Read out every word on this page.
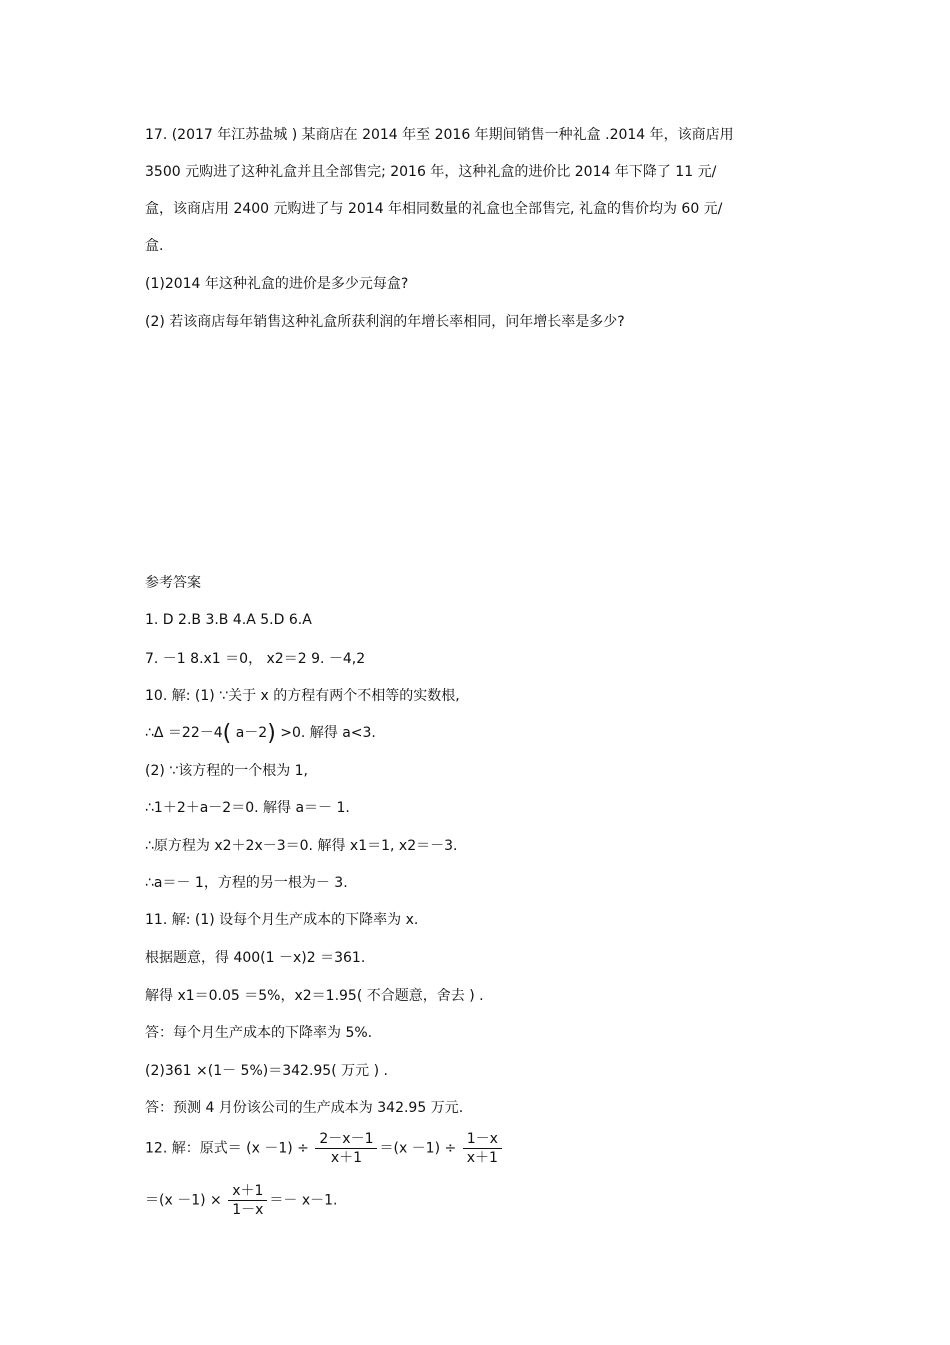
17. (2017 年江苏盐城 ) 某商店在 2014 年至 2016 年期间销售一种礼盒 .2014 年，该商店用
3500 元购进了这种礼盒并且全部售完; 2016 年，这种礼盒的进价比 2014 年下降了 11 元/
盒，该商店用 2400 元购进了与 2014 年相同数量的礼盒也全部售完, 礼盒的售价均为 60 元/
盒.
(1)2014 年这种礼盒的进价是多少元每盒?
(2) 若该商店每年销售这种礼盒所获利润的年增长率相同，问年增长率是多少?
参考答案
1. D 2.B 3.B 4.A 5.D 6.A
7. －1 8.x1 ＝0， x2＝2 9. －4,2
10. 解: (1) ∵关于 x 的方程有两个不相等的实数根,
∴Δ ＝22－4( a－2) >0. 解得 a<3.
(2) ∵该方程的一个根为 1,
∴1＋2＋a－2＝0. 解得 a＝－ 1.
∴原方程为 x2＋2x－3＝0. 解得 x1＝1, x2＝－3.
∴a＝－ 1，方程的另一根为－ 3.
11. 解: (1) 设每个月生产成本的下降率为 x.
根据题意，得 400(1 －x)2 ＝361.
解得 x1＝0.05 ＝5%，x2＝1.95( 不合题意，舍去 ) .
答：每个月生产成本的下降率为 5%.
(2)361 ×(1－ 5%)＝342.95( 万元 ) .
答：预测 4 月份该公司的生产成本为 342.95 万元.
12. 解：原式＝ $(x -1) \div \frac{2-x-1}{x+1} =(x -1) \div \frac{1-x}{x+1}$
$=(x -1) \times \frac{x+1}{1-x} =- x-1$.
